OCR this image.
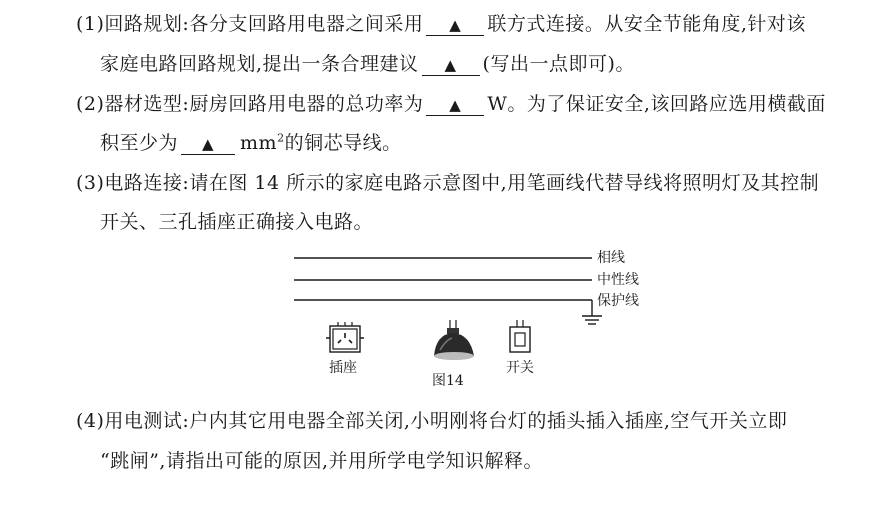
(1)回路规划:各分支回路用电器之间采用 ▲ 联方式连接。从安全节能角度,针对该
家庭电路回路规划,提出一条合理建议 ▲ (写出一点即可)。
(2)器材选型:厨房回路用电器的总功率为 ▲ W。为了保证安全,该回路应选用横截面
积至少为 ▲ $mm^2$的铜芯导线。
(3)电路连接:请在图 14 所示的家庭电路示意图中,用笔画线代替导线将照明灯及其控制
开关、三孔插座正确接入电路。
相线
中性线
保护线
插座	开关
图14
(4)用电测试:户内其它用电器全部关闭,小明刚将台灯的插头插入插座,空气开关立即
“跳闸”,请指出可能的原因,并用所学电学知识解释。
